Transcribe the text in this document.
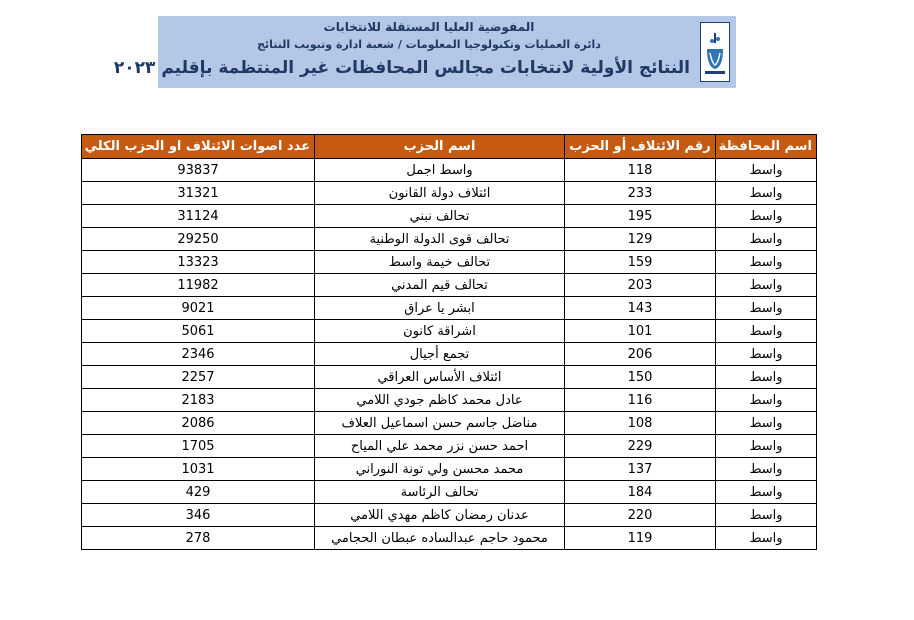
المفوضية العليا المستقلة للانتخابات
دائرة العمليات وتكنولوجيا المعلومات / شعبة ادارة وتبويب النتائج
النتائج الأولية لانتخابات مجالس المحافظات غير المنتظمة بإقليم ٢٠٢٣
اسم المحافظة	رقم الائتلاف أو الحزب	اسم الحزب	عدد اصوات الائتلاف او الحزب الكلي
واسط	118	واسط اجمل	93837
واسط	233	ائتلاف دولة القانون	31321
واسط	195	تحالف نبني	31124
واسط	129	تحالف قوى الدولة الوطنية	29250
واسط	159	تحالف خيمة واسط	13323
واسط	203	تحالف قيم المدني	11982
واسط	143	ابشر يا عراق	9021
واسط	101	اشراقة كانون	5061
واسط	206	تجمع أجيال	2346
واسط	150	ائتلاف الأساس العراقي	2257
واسط	116	عادل محمد كاظم جودي اللامي	2183
واسط	108	مناضل جاسم حسن اسماعيل العلاف	2086
واسط	229	احمد حسن نزر محمد علي المياح	1705
واسط	137	محمد محسن ولي تونة النوراني	1031
واسط	184	تحالف الرئاسة	429
واسط	220	عدنان رمضان كاظم مهدي اللامي	346
واسط	119	محمود حاجم عبدالساده عبطان الحجامي	278
